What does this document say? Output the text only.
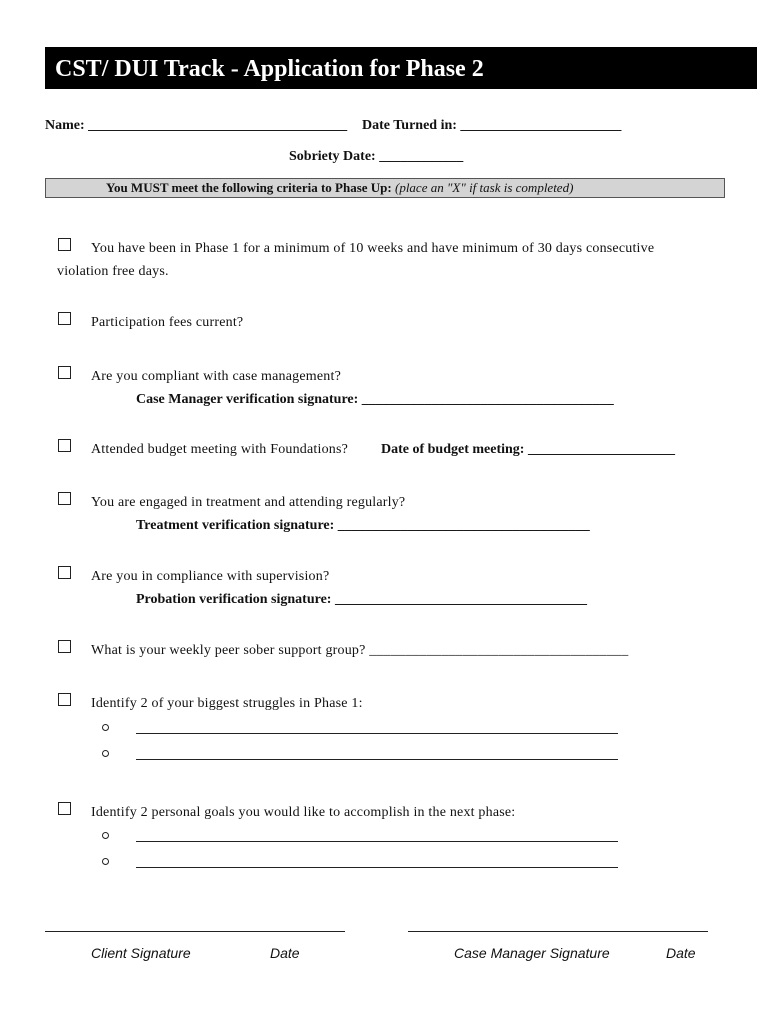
CST/ DUI Track - Application for Phase 2
Name: _____________________________________ Date Turned in: _______________________
Sobriety Date: ____________
You MUST meet the following criteria to Phase Up: (place an "X" if task is completed)
You have been in Phase 1 for a minimum of 10 weeks and have minimum of 30 days consecutive
violation free days.
Participation fees current?
Are you compliant with case management?
Case Manager verification signature: ____________________________________
Attended budget meeting with Foundations? Date of budget meeting: _____________________
You are engaged in treatment and attending regularly?
Treatment verification signature: ____________________________________
Are you in compliance with supervision?
Probation verification signature: ____________________________________
What is your weekly peer sober support group? ____________________________________
Identify 2 of your biggest struggles in Phase 1:
Identify 2 personal goals you would like to accomplish in the next phase:
Client Signature	Date	Case Manager Signature	Date
